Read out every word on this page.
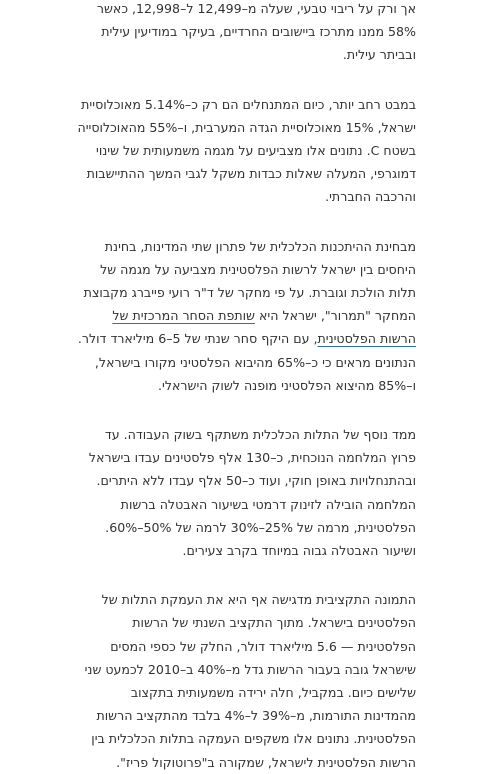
אך ורק על ריבוי טבעי, שעלה מ–12,499 ל–12,998, כאשר 58% ממנו מתרכז ביישובים החרדיים, בעיקר במודיעין עילית ובביתר עילית.

במבט רחב יותר, כיום המתנחלים הם רק כ–5.14% מאוכלוסיית ישראל, 15% מאוכלוסיית הגדה המערבית, ו–55% מהאוכלוסייה בשטח C. נתונים אלו מצביעים על מגמה משמעותית של שינוי דמוגרפי, המעלה שאלות כבדות משקל לגבי המשך ההתיישבות והרכבה החברתי.

מבחינת ההיתכנות הכלכלית של פתרון שתי המדינות, בחינת היחסים בין ישראל לרשות הפלסטינית מצביעה על מגמה של תלות הולכת וגוברת. על פי מחקר של ד"ר רועי פייברג מקבוצת המחקר "תמרור", ישראל היא שותפת הסחר המרכזית של הרשות הפלסטינית, עם היקף סחר שנתי של 5–6 מיליארד דולר. הנתונים מראים כי כ–65% מהיבוא הפלסטיני מקורו בישראל, ו–85% מהיצוא הפלסטיני מופנה לשוק הישראלי.

ממד נוסף של התלות הכלכלית משתקף בשוק העבודה. עד פרוץ המלחמה הנוכחית, כ–130 אלף פלסטינים עבדו בישראל ובהתנחלויות באופן חוקי, ועוד כ–50 אלף עבדו ללא היתרים. המלחמה הובילה לזינוק דרמטי בשיעור האבטלה ברשות הפלסטינית, מרמה של 25%–30% לרמה של 50%–60%. ושיעור האבטלה גבוה במיוחד בקרב צעירים.

התמונה התקציבית מדגישה אף היא את העמקת התלות של הפלסטינים בישראל. מתוך התקציב השנתי של הרשות הפלסטינית — 5.6 מיליארד דולר, החלק של כספי המסים שישראל גובה בעבור הרשות גדל מ–40% ב–2010 לכמעט שני שלישים כיום. במקביל, חלה ירידה משמעותית בתקצוב מהמדינות התורמות, מ–39% ל–4% בלבד מהתקציב הרשות הפלסטינית. נתונים אלו משקפים העמקה בתלות הכלכלית בין הרשות הפלסטינית לישראל, שמקורה ב"פרוטוקול פריז".
